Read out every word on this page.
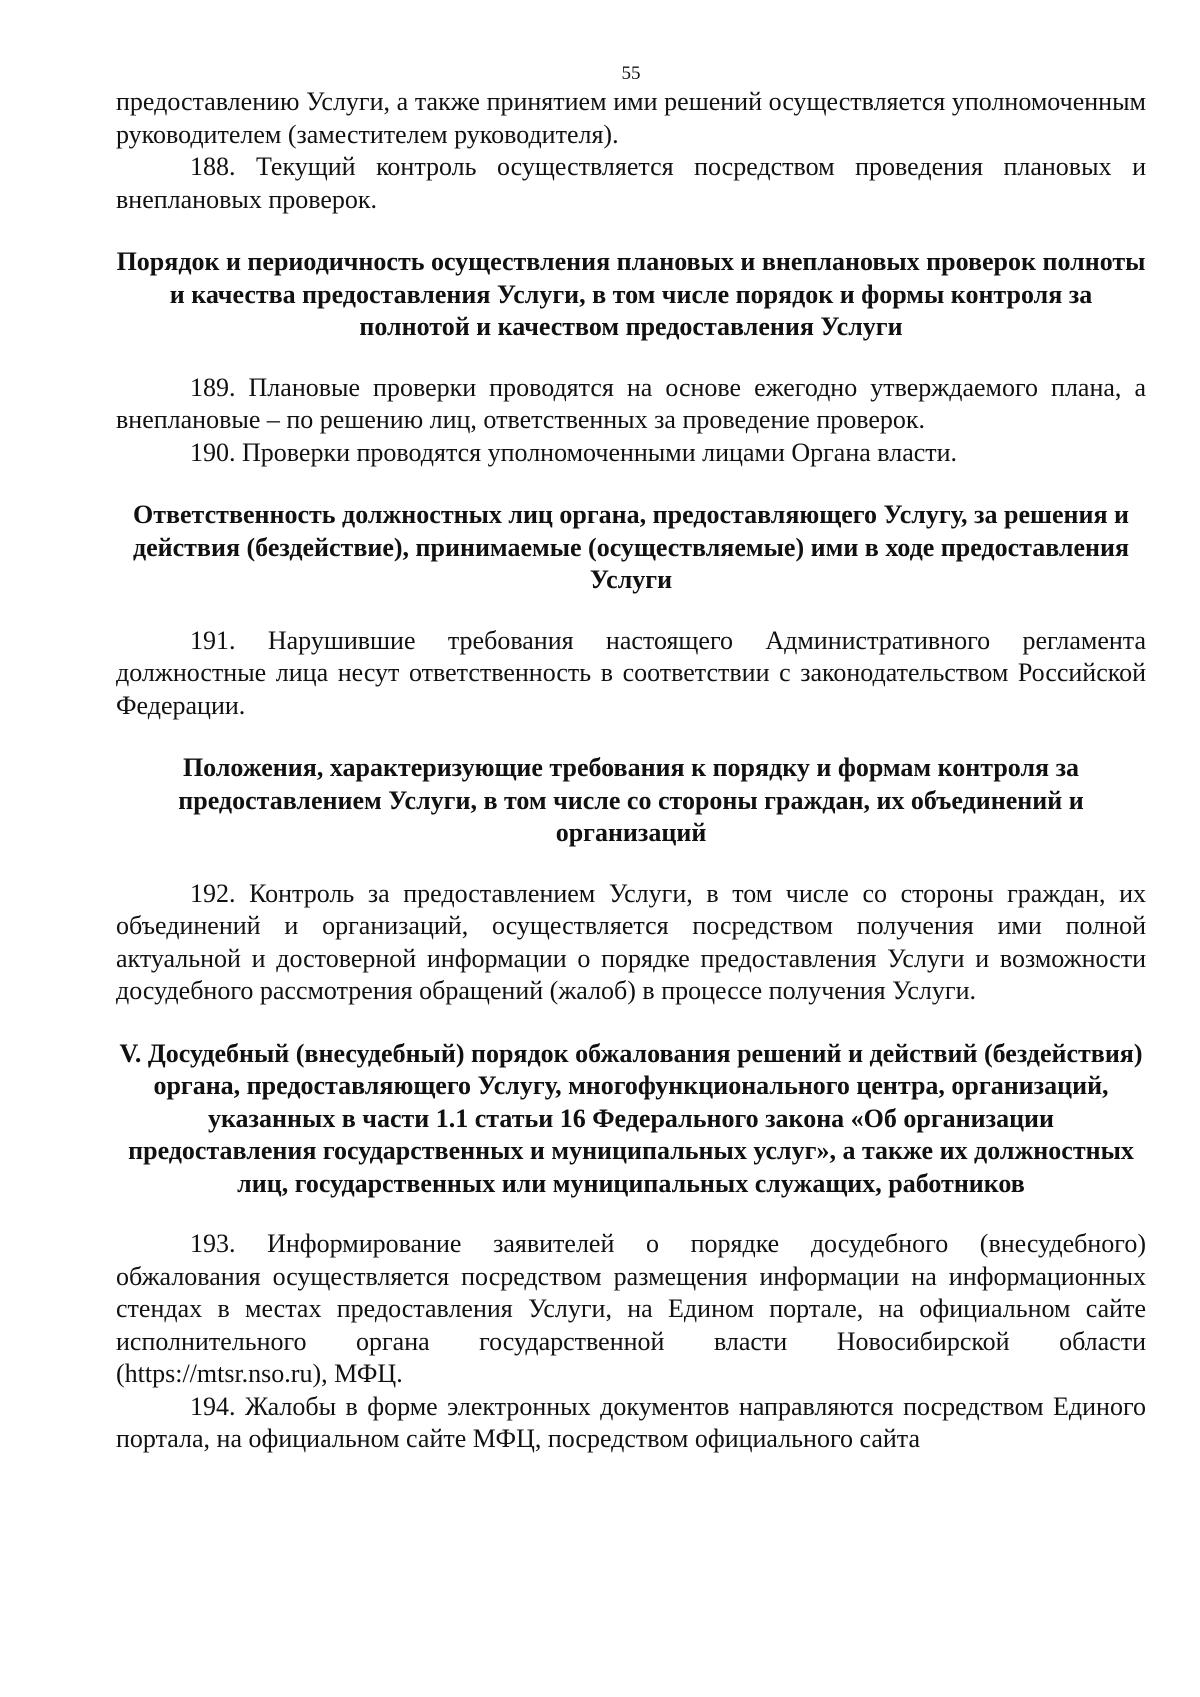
55

предоставлению Услуги, а также принятием ими решений осуществляется уполномоченным руководителем (заместителем руководителя).

188. Текущий контроль осуществляется посредством проведения плановых и внеплановых проверок.

Порядок и периодичность осуществления плановых и внеплановых проверок полноты и качества предоставления Услуги, в том числе порядок и формы контроля за полнотой и качеством предоставления Услуги

189. Плановые проверки проводятся на основе ежегодно утверждаемого плана, а внеплановые – по решению лиц, ответственных за проведение проверок.

190. Проверки проводятся уполномоченными лицами Органа власти.

Ответственность должностных лиц органа, предоставляющего Услугу, за решения и действия (бездействие), принимаемые (осуществляемые) ими в ходе предоставления Услуги

191. Нарушившие требования настоящего Административного регламента должностные лица несут ответственность в соответствии с законодательством Российской Федерации.

Положения, характеризующие требования к порядку и формам контроля за предоставлением Услуги, в том числе со стороны граждан, их объединений и организаций

192. Контроль за предоставлением Услуги, в том числе со стороны граждан, их объединений и организаций, осуществляется посредством получения ими полной актуальной и достоверной информации о порядке предоставления Услуги и возможности досудебного рассмотрения обращений (жалоб) в процессе получения Услуги.

V. Досудебный (внесудебный) порядок обжалования решений и действий (бездействия) органа, предоставляющего Услугу, многофункционального центра, организаций, указанных в части 1.1 статьи 16 Федерального закона «Об организации предоставления государственных и муниципальных услуг», а также их должностных лиц, государственных или муниципальных служащих, работников

193. Информирование заявителей о порядке досудебного (внесудебного) обжалования осуществляется посредством размещения информации на информационных стендах в местах предоставления Услуги, на Едином портале, на официальном сайте исполнительного органа государственной власти Новосибирской области (https://mtsr.nso.ru), МФЦ.

194. Жалобы в форме электронных документов направляются посредством Единого портала, на официальном сайте МФЦ, посредством официального сайта
